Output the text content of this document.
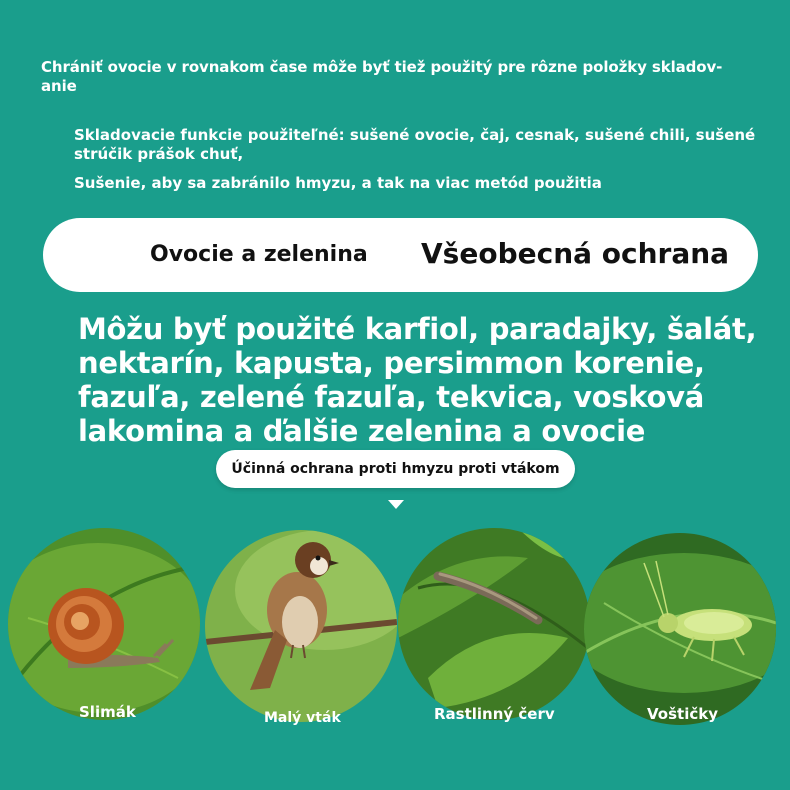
Chrániť ovocie v rovnakom čase môže byť tiež použitý pre rôzne položky skladov-anie
Skladovacie funkcie použiteľné: sušené ovocie, čaj, cesnak, sušené chili, sušené strúčik prášok chuť,
Sušenie, aby sa zabránilo hmyzu, a tak na viac metód použitia
Ovocie a zelenina Všeobecná ochrana
Môžu byť použité karfiol, paradajky, šalát, nektarín, kapusta, persimmon korenie, fazuľa, zelené fazuľa, tekvica, vosková lakomina a ďalšie zelenina a ovocie
Účinná ochrana proti hmyzu proti vtákom
Slimák	Malý vták	Rastlinný červ	Voštičky
